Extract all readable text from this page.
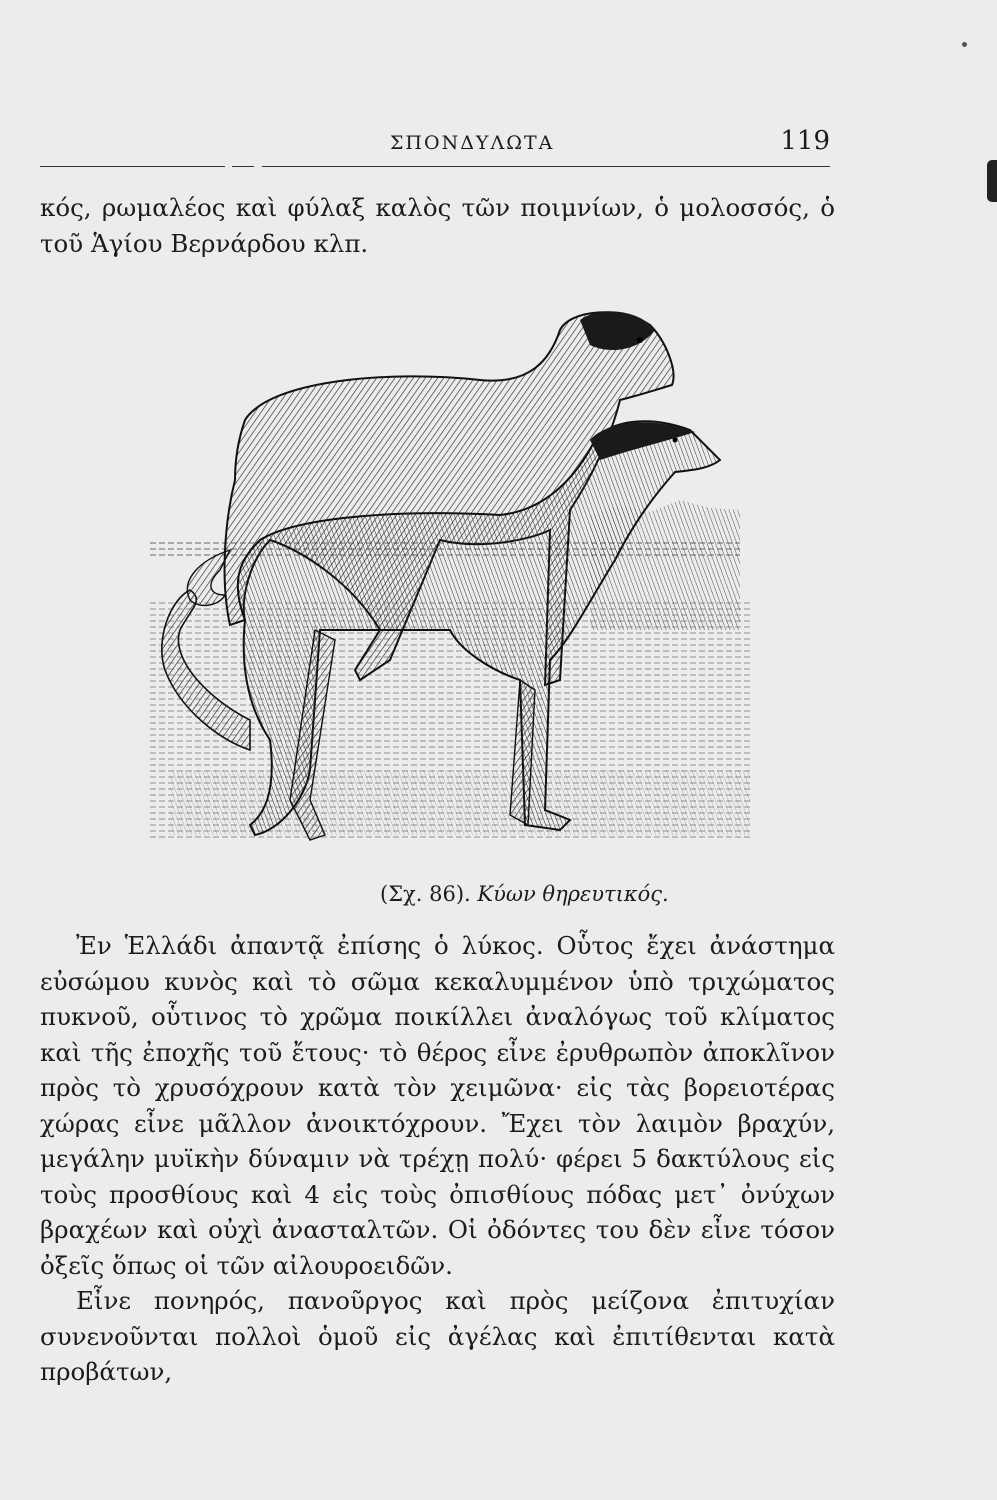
ΣΠΟΝΔΥΛΩΤΑ	119

κός, ρωμαλέος καὶ φύλαξ καλὸς τῶν ποιμνίων, ὁ μολοσσός, ὁ τοῦ Ἁγίου Βερνάρδου κλπ.

(Σχ. 86). Κύων θηρευτικός.

Ἐν Ἑλλάδι ἀπαντᾷ ἐπίσης ὁ λύκος. Οὗτος ἔχει ἀνάστημα εὐσώμου κυνὸς καὶ τὸ σῶμα κεκαλυμμένον ὑπὸ τριχώματος πυκνοῦ, οὗτινος τὸ χρῶμα ποικίλλει ἀναλόγως τοῦ κλίματος καὶ τῆς ἐποχῆς τοῦ ἔτους· τὸ θέρος εἶνε ἐρυθρωπὸν ἀποκλῖνον πρὸς τὸ χρυσόχρουν κατὰ τὸν χειμῶνα· εἰς τὰς βορειοτέρας χώρας εἶνε μᾶλλον ἀνοικτόχρουν. Ἔχει τὸν λαιμὸν βραχύν, μεγάλην μυϊκὴν δύναμιν νὰ τρέχῃ πολύ· φέρει 5 δακτύλους εἰς τοὺς προσθίους καὶ 4 εἰς τοὺς ὀπισθίους πόδας μετ᾽ ὀνύχων βραχέων καὶ οὐχὶ ἀνασταλτῶν. Οἱ ὀδόντες του δὲν εἶνε τόσον ὀξεῖς ὅπως οἱ τῶν αἰλουροειδῶν.

Εἶνε πονηρός, πανοῦργος καὶ πρὸς μείζονα ἐπιτυχίαν συνενοῦνται πολλοὶ ὁμοῦ εἰς ἀγέλας καὶ ἐπιτίθενται κατὰ προβάτων,
